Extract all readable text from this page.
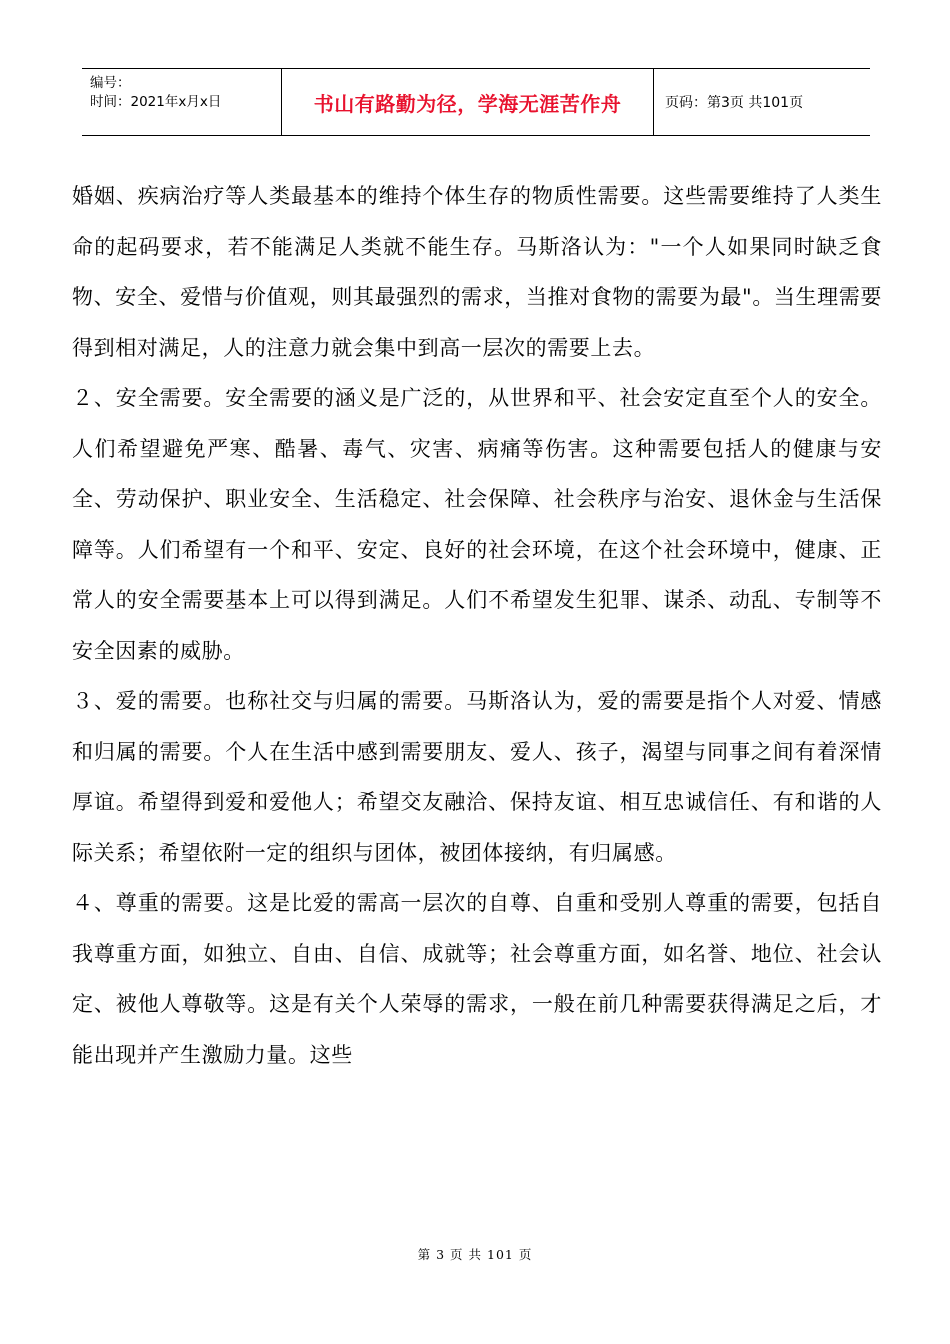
编号：
时间：2021年x月x日	书山有路勤为径，学海无涯苦作舟	页码：第3页 共101页

婚姻、疾病治疗等人类最基本的维持个体生存的物质性需要。这些需要维持了人类生命的起码要求，若不能满足人类就不能生存。马斯洛认为："一个人如果同时缺乏食物、安全、爱惜与价值观，则其最强烈的需求，当推对食物的需要为最"。当生理需要得到相对满足，人的注意力就会集中到高一层次的需要上去。

２、安全需要。安全需要的涵义是广泛的，从世界和平、社会安定直至个人的安全。人们希望避免严寒、酷暑、毒气、灾害、病痛等伤害。这种需要包括人的健康与安全、劳动保护、职业安全、生活稳定、社会保障、社会秩序与治安、退休金与生活保障等。人们希望有一个和平、安定、良好的社会环境，在这个社会环境中，健康、正常人的安全需要基本上可以得到满足。人们不希望发生犯罪、谋杀、动乱、专制等不安全因素的威胁。

３、爱的需要。也称社交与归属的需要。马斯洛认为，爱的需要是指个人对爱、情感和归属的需要。个人在生活中感到需要朋友、爱人、孩子，渴望与同事之间有着深情厚谊。希望得到爱和爱他人；希望交友融洽、保持友谊、相互忠诚信任、有和谐的人际关系；希望依附一定的组织与团体，被团体接纳，有归属感。

４、尊重的需要。这是比爱的需高一层次的自尊、自重和受别人尊重的需要，包括自我尊重方面，如独立、自由、自信、成就等；社会尊重方面，如名誉、地位、社会认定、被他人尊敬等。这是有关个人荣辱的需求，一般在前几种需要获得满足之后，才能出现并产生激励力量。这些

第 3 页 共 101 页
